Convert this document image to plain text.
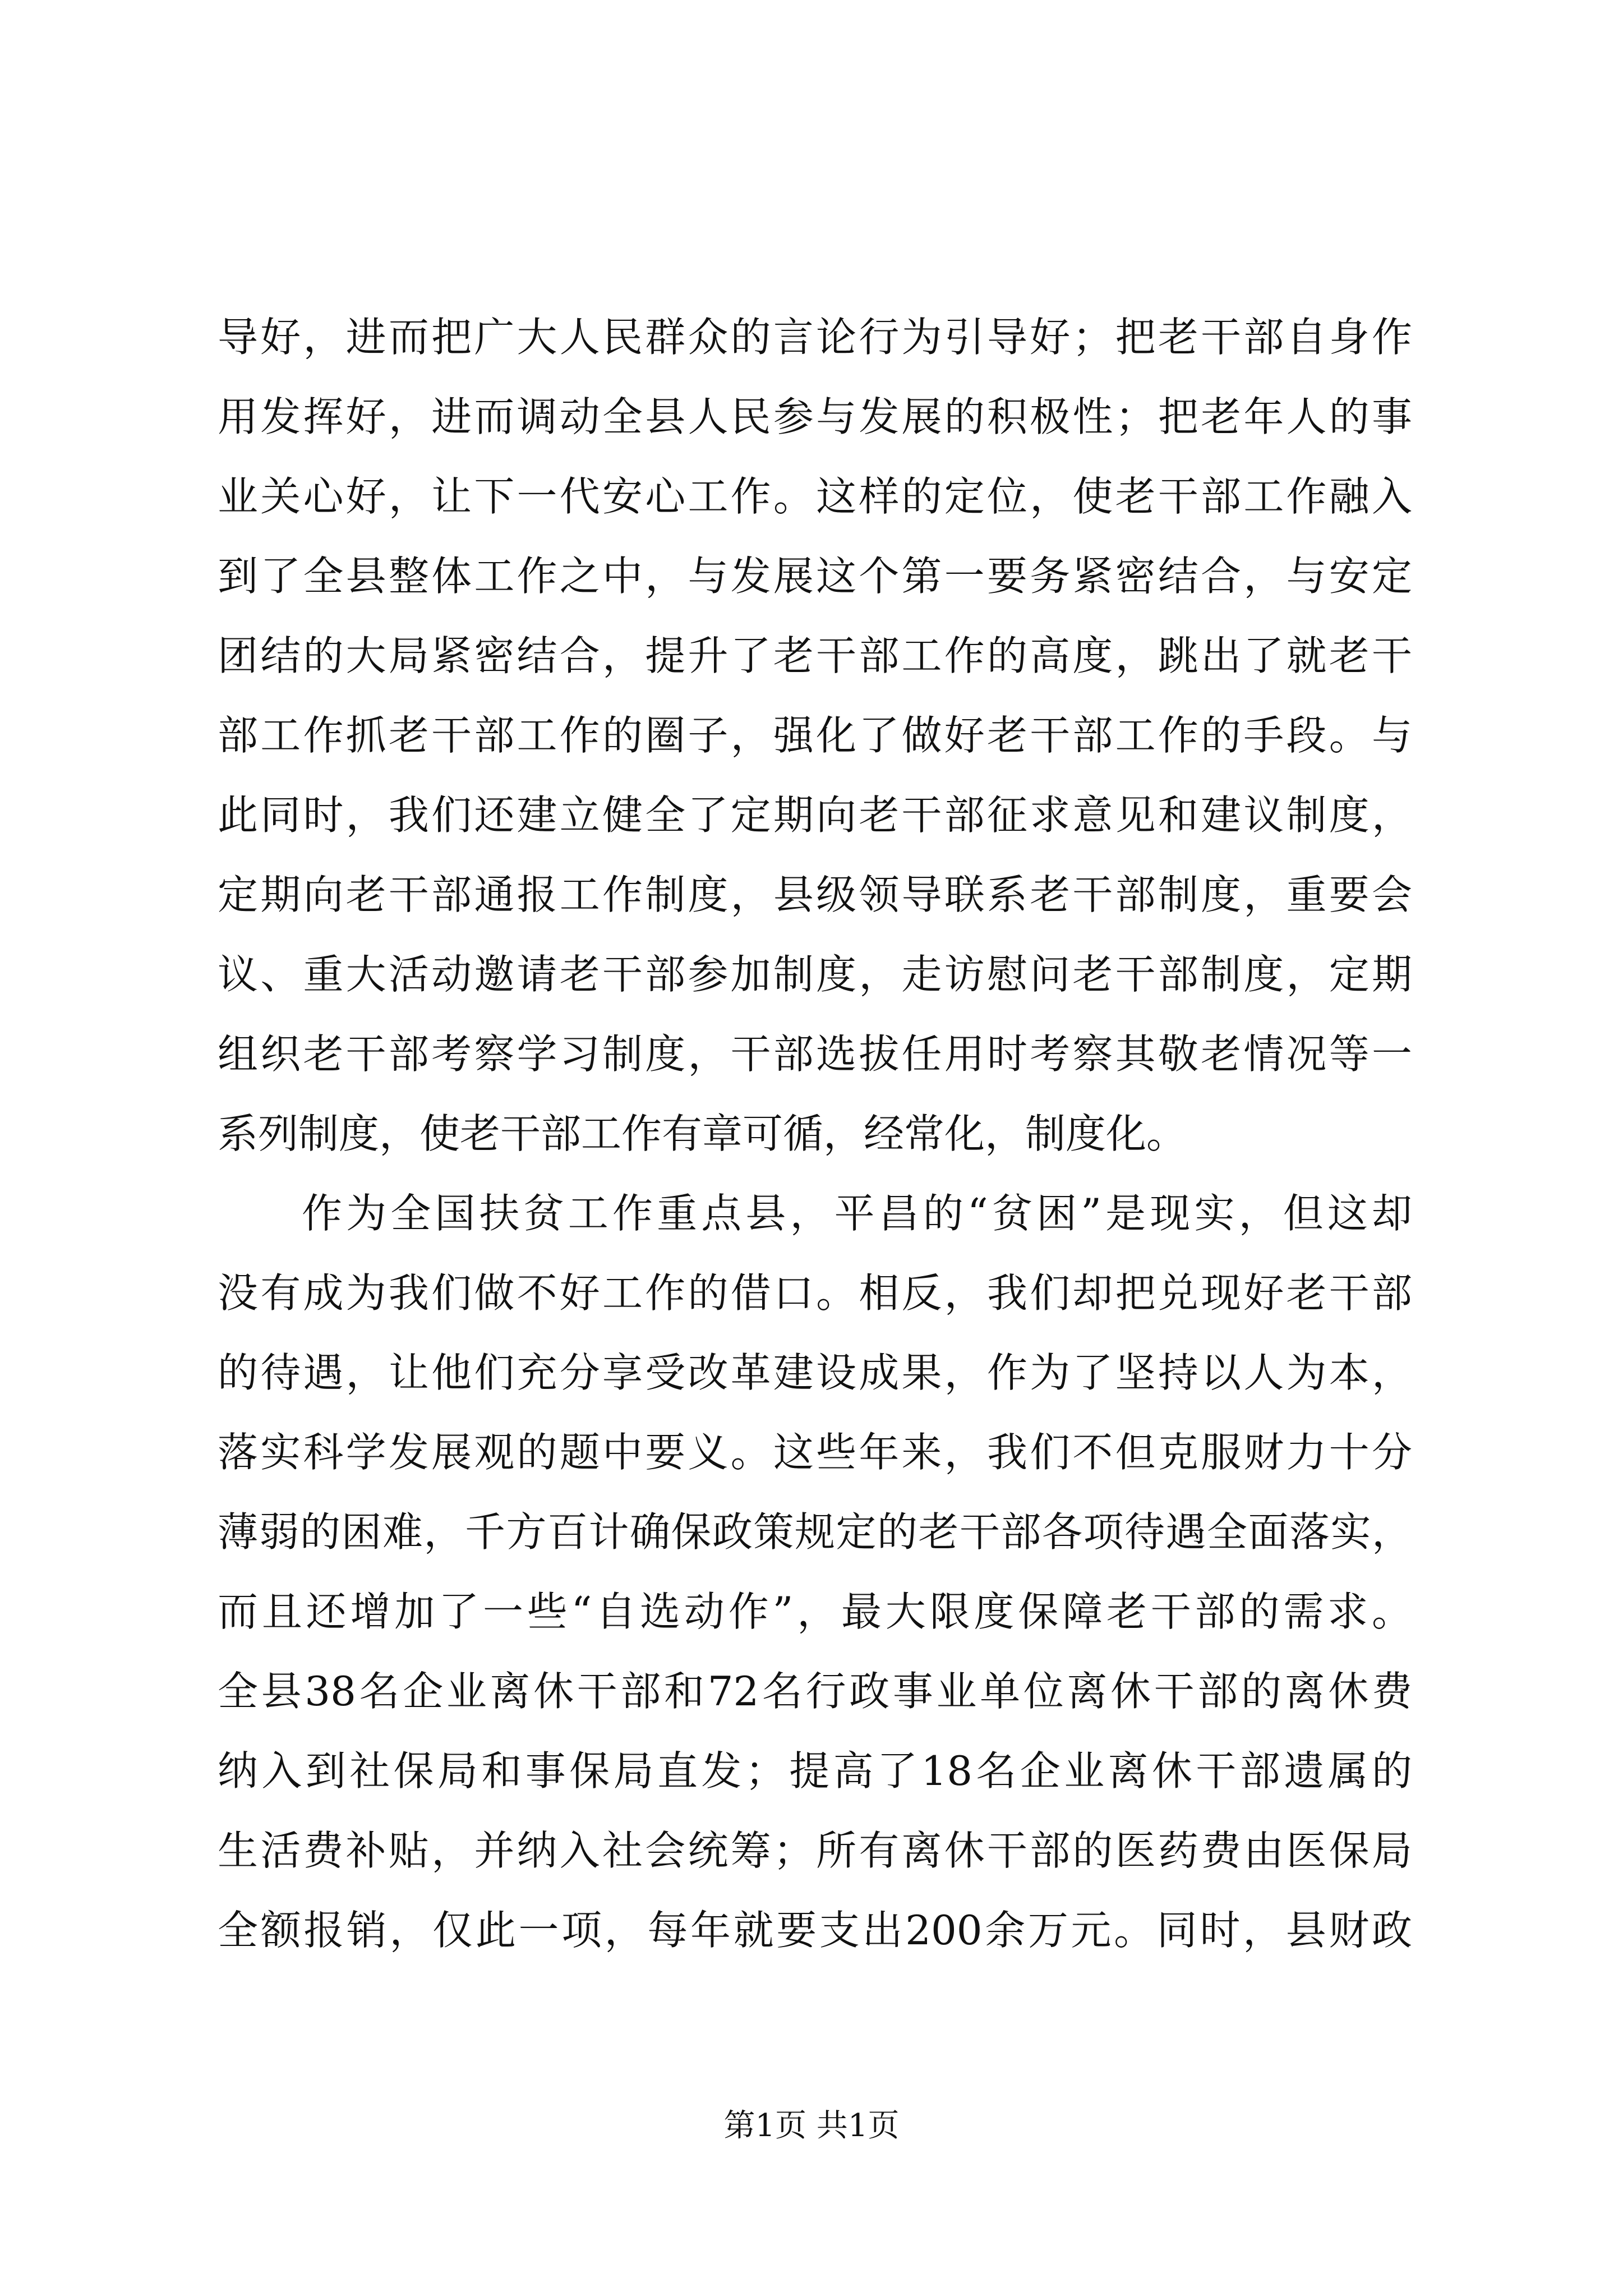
导好，进而把广大人民群众的言论行为引导好；把老干部自身作
用发挥好，进而调动全县人民参与发展的积极性；把老年人的事
业关心好，让下一代安心工作。这样的定位，使老干部工作融入
到了全县整体工作之中，与发展这个第一要务紧密结合，与安定
团结的大局紧密结合，提升了老干部工作的高度，跳出了就老干
部工作抓老干部工作的圈子，强化了做好老干部工作的手段。与
此同时，我们还建立健全了定期向老干部征求意见和建议制度，
定期向老干部通报工作制度，县级领导联系老干部制度，重要会
议、重大活动邀请老干部参加制度，走访慰问老干部制度，定期
组织老干部考察学习制度，干部选拔任用时考察其敬老情况等一
系列制度，使老干部工作有章可循，经常化，制度化。
作为全国扶贫工作重点县，平昌的“贫困”是现实，但这却
没有成为我们做不好工作的借口。相反，我们却把兑现好老干部
的待遇，让他们充分享受改革建设成果，作为了坚持以人为本，
落实科学发展观的题中要义。这些年来，我们不但克服财力十分
薄弱的困难，千方百计确保政策规定的老干部各项待遇全面落实，
而且还增加了一些“自选动作”，最大限度保障老干部的需求。
全县38名企业离休干部和72名行政事业单位离休干部的离休费
纳入到社保局和事保局直发；提高了18名企业离休干部遗属的
生活费补贴，并纳入社会统筹；所有离休干部的医药费由医保局
全额报销，仅此一项，每年就要支出200余万元。同时，县财政
第1页 共1页
